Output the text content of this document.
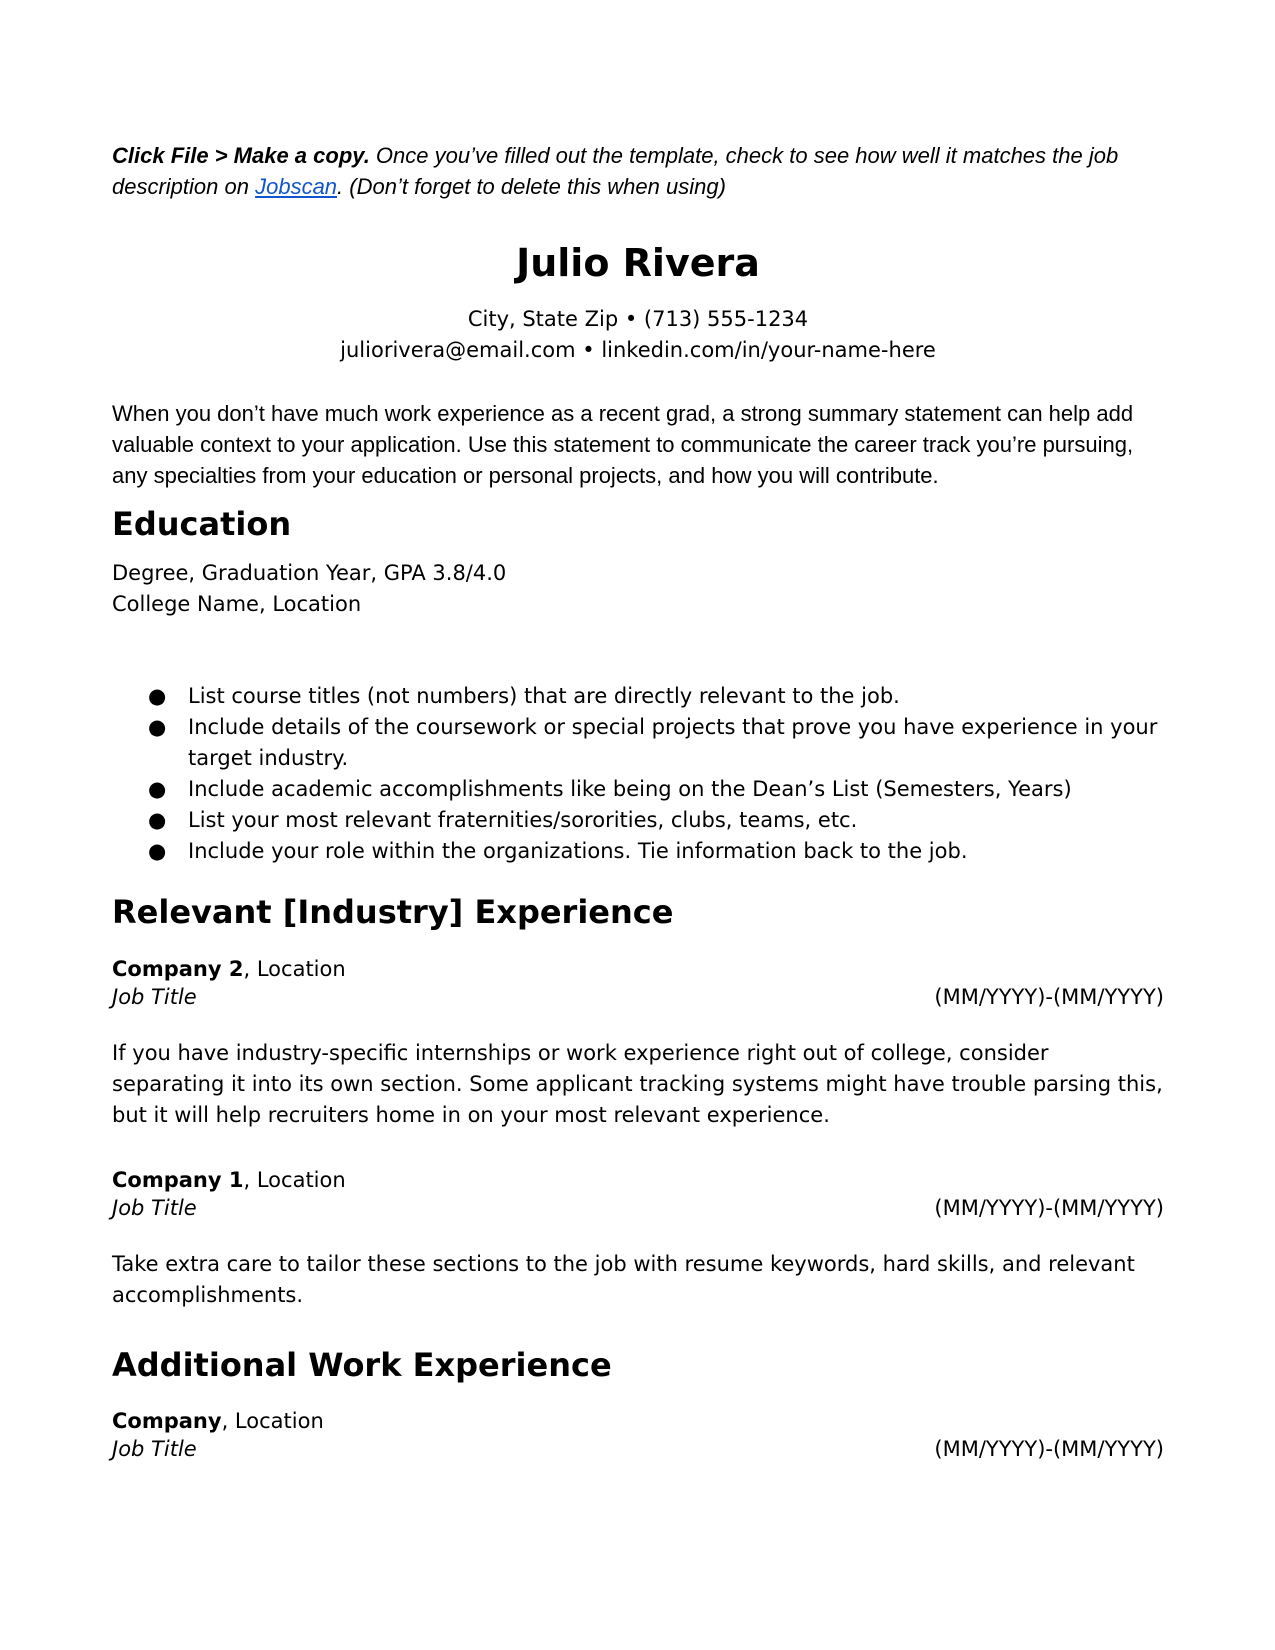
Click File > Make a copy. Once you’ve filled out the template, check to see how well it matches the job description on Jobscan. (Don’t forget to delete this when using)
Julio Rivera
City, State Zip • (713) 555-1234
juliorivera@email.com • linkedin.com/in/your-name-here
When you don’t have much work experience as a recent grad, a strong summary statement can help add valuable context to your application. Use this statement to communicate the career track you’re pursuing, any specialties from your education or personal projects, and how you will contribute.
Education
Degree, Graduation Year, GPA 3.8/4.0
College Name, Location
● List course titles (not numbers) that are directly relevant to the job.
● Include details of the coursework or special projects that prove you have experience in your target industry.
● Include academic accomplishments like being on the Dean’s List (Semesters, Years)
● List your most relevant fraternities/sororities, clubs, teams, etc.
● Include your role within the organizations. Tie information back to the job.
Relevant [Industry] Experience
Company 2, Location
Job Title	(MM/YYYY)-(MM/YYYY)
If you have industry-specific internships or work experience right out of college, consider separating it into its own section. Some applicant tracking systems might have trouble parsing this, but it will help recruiters home in on your most relevant experience.
Company 1, Location
Job Title	(MM/YYYY)-(MM/YYYY)
Take extra care to tailor these sections to the job with resume keywords, hard skills, and relevant accomplishments.
Additional Work Experience
Company, Location
Job Title	(MM/YYYY)-(MM/YYYY)
